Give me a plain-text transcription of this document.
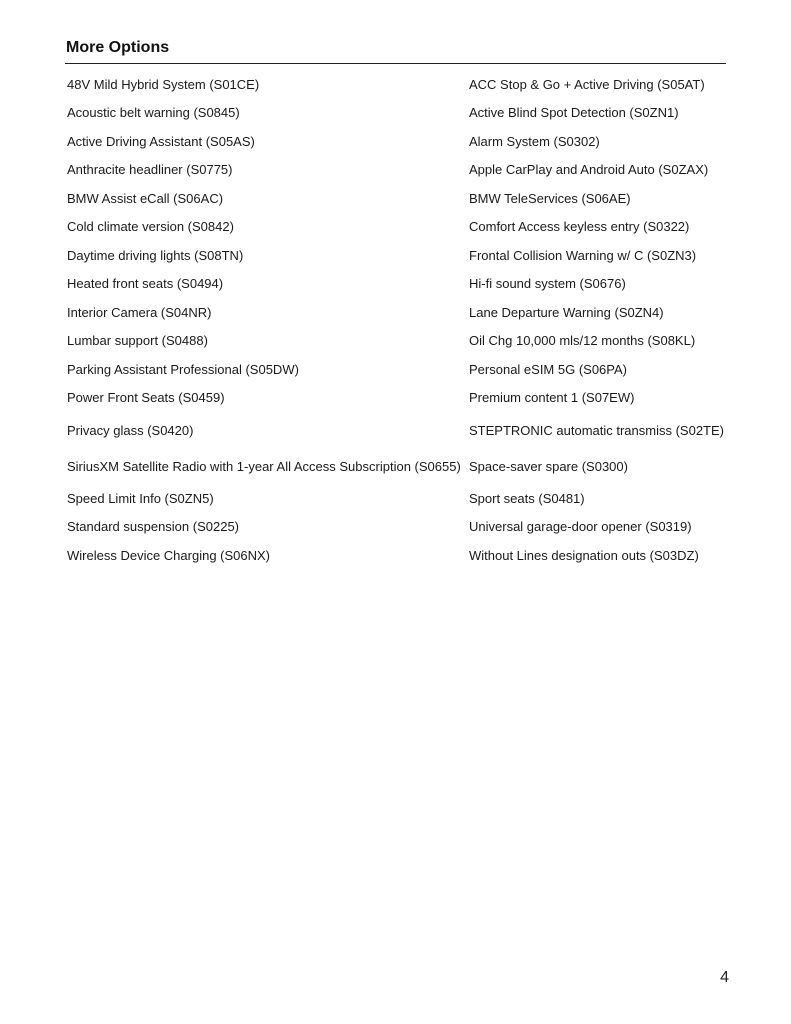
More Options
48V Mild Hybrid System (S01CE)	ACC Stop & Go + Active Driving (S05AT)
Acoustic belt warning (S0845)	Active Blind Spot Detection (S0ZN1)
Active Driving Assistant (S05AS)	Alarm System (S0302)
Anthracite headliner (S0775)	Apple CarPlay and Android Auto (S0ZAX)
BMW Assist eCall (S06AC)	BMW TeleServices (S06AE)
Cold climate version (S0842)	Comfort Access keyless entry (S0322)
Daytime driving lights (S08TN)	Frontal Collision Warning w/ C (S0ZN3)
Heated front seats (S0494)	Hi-fi sound system (S0676)
Interior Camera (S04NR)	Lane Departure Warning (S0ZN4)
Lumbar support (S0488)	Oil Chg 10,000 mls/12 months (S08KL)
Parking Assistant Professional (S05DW)	Personal eSIM 5G (S06PA)
Power Front Seats (S0459)	Premium content 1 (S07EW)
Privacy glass (S0420)	STEPTRONIC automatic transmiss (S02TE)
SiriusXM Satellite Radio with 1-year All Access Subscription (S0655)	Space-saver spare (S0300)
Speed Limit Info (S0ZN5)	Sport seats (S0481)
Standard suspension (S0225)	Universal garage-door opener (S0319)
Wireless Device Charging (S06NX)	Without Lines designation outs (S03DZ)
4
